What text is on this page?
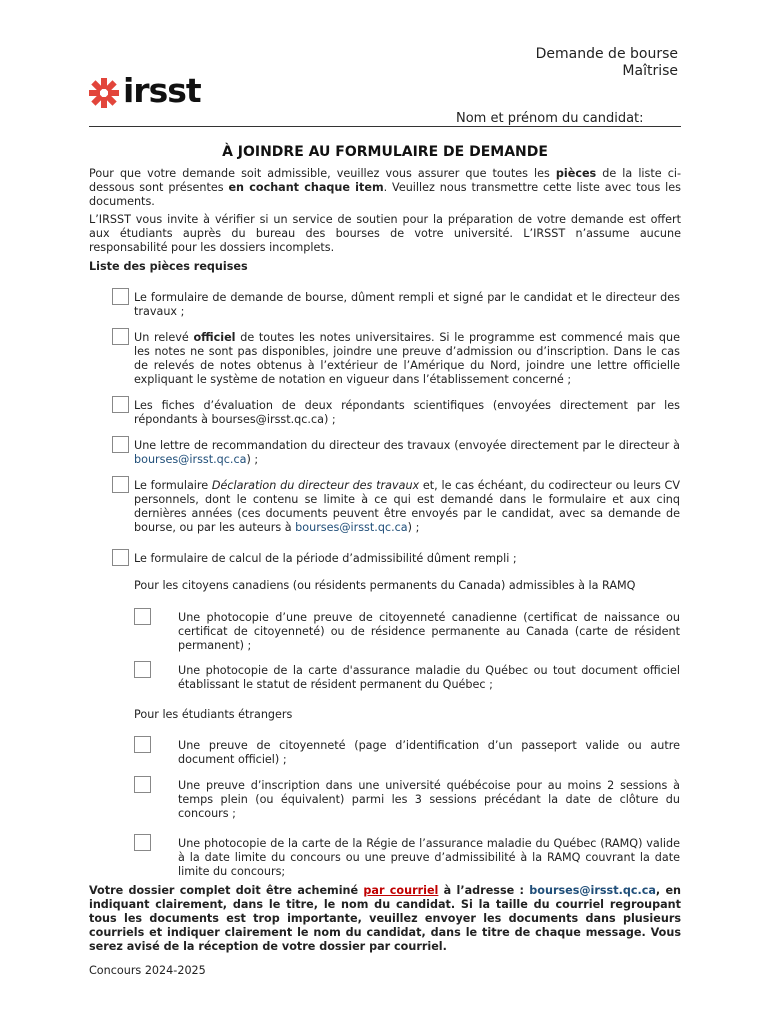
Demande de bourse
Maîtrise
irsst
Nom et prénom du candidat:
À JOINDRE AU FORMULAIRE DE DEMANDE
Pour que votre demande soit admissible, veuillez vous assurer que toutes les pièces de la liste ci-dessous sont présentes en cochant chaque item. Veuillez nous transmettre cette liste avec tous les documents.
L’IRSST vous invite à vérifier si un service de soutien pour la préparation de votre demande est offert aux étudiants auprès du bureau des bourses de votre université. L’IRSST n’assume aucune responsabilité pour les dossiers incomplets.
Liste des pièces requises
Le formulaire de demande de bourse, dûment rempli et signé par le candidat et le directeur des travaux ;
Un relevé officiel de toutes les notes universitaires. Si le programme est commencé mais que les notes ne sont pas disponibles, joindre une preuve d’admission ou d’inscription. Dans le cas de relevés de notes obtenus à l’extérieur de l’Amérique du Nord, joindre une lettre officielle expliquant le système de notation en vigueur dans l’établissement concerné ;
Les fiches d’évaluation de deux répondants scientifiques (envoyées directement par les répondants à bourses@irsst.qc.ca) ;
Une lettre de recommandation du directeur des travaux (envoyée directement par le directeur à bourses@irsst.qc.ca) ;
Le formulaire Déclaration du directeur des travaux et, le cas échéant, du codirecteur ou leurs CV personnels, dont le contenu se limite à ce qui est demandé dans le formulaire et aux cinq dernières années (ces documents peuvent être envoyés par le candidat, avec sa demande de bourse, ou par les auteurs à bourses@irsst.qc.ca) ;
Le formulaire de calcul de la période d’admissibilité dûment rempli ;
Pour les citoyens canadiens (ou résidents permanents du Canada) admissibles à la RAMQ
Une photocopie d’une preuve de citoyenneté canadienne (certificat de naissance ou certificat de citoyenneté) ou de résidence permanente au Canada (carte de résident permanent) ;
Une photocopie de la carte d'assurance maladie du Québec ou tout document officiel établissant le statut de résident permanent du Québec ;
Pour les étudiants étrangers
Une preuve de citoyenneté (page d’identification d’un passeport valide ou autre document officiel) ;
Une preuve d’inscription dans une université québécoise pour au moins 2 sessions à temps plein (ou équivalent) parmi les 3 sessions précédant la date de clôture du concours ;
Une photocopie de la carte de la Régie de l’assurance maladie du Québec (RAMQ) valide à la date limite du concours ou une preuve d’admissibilité à la RAMQ couvrant la date limite du concours;
Votre dossier complet doit être acheminé par courriel à l’adresse : bourses@irsst.qc.ca, en indiquant clairement, dans le titre, le nom du candidat. Si la taille du courriel regroupant tous les documents est trop importante, veuillez envoyer les documents dans plusieurs courriels et indiquer clairement le nom du candidat, dans le titre de chaque message. Vous serez avisé de la réception de votre dossier par courriel.
Concours 2024-2025
